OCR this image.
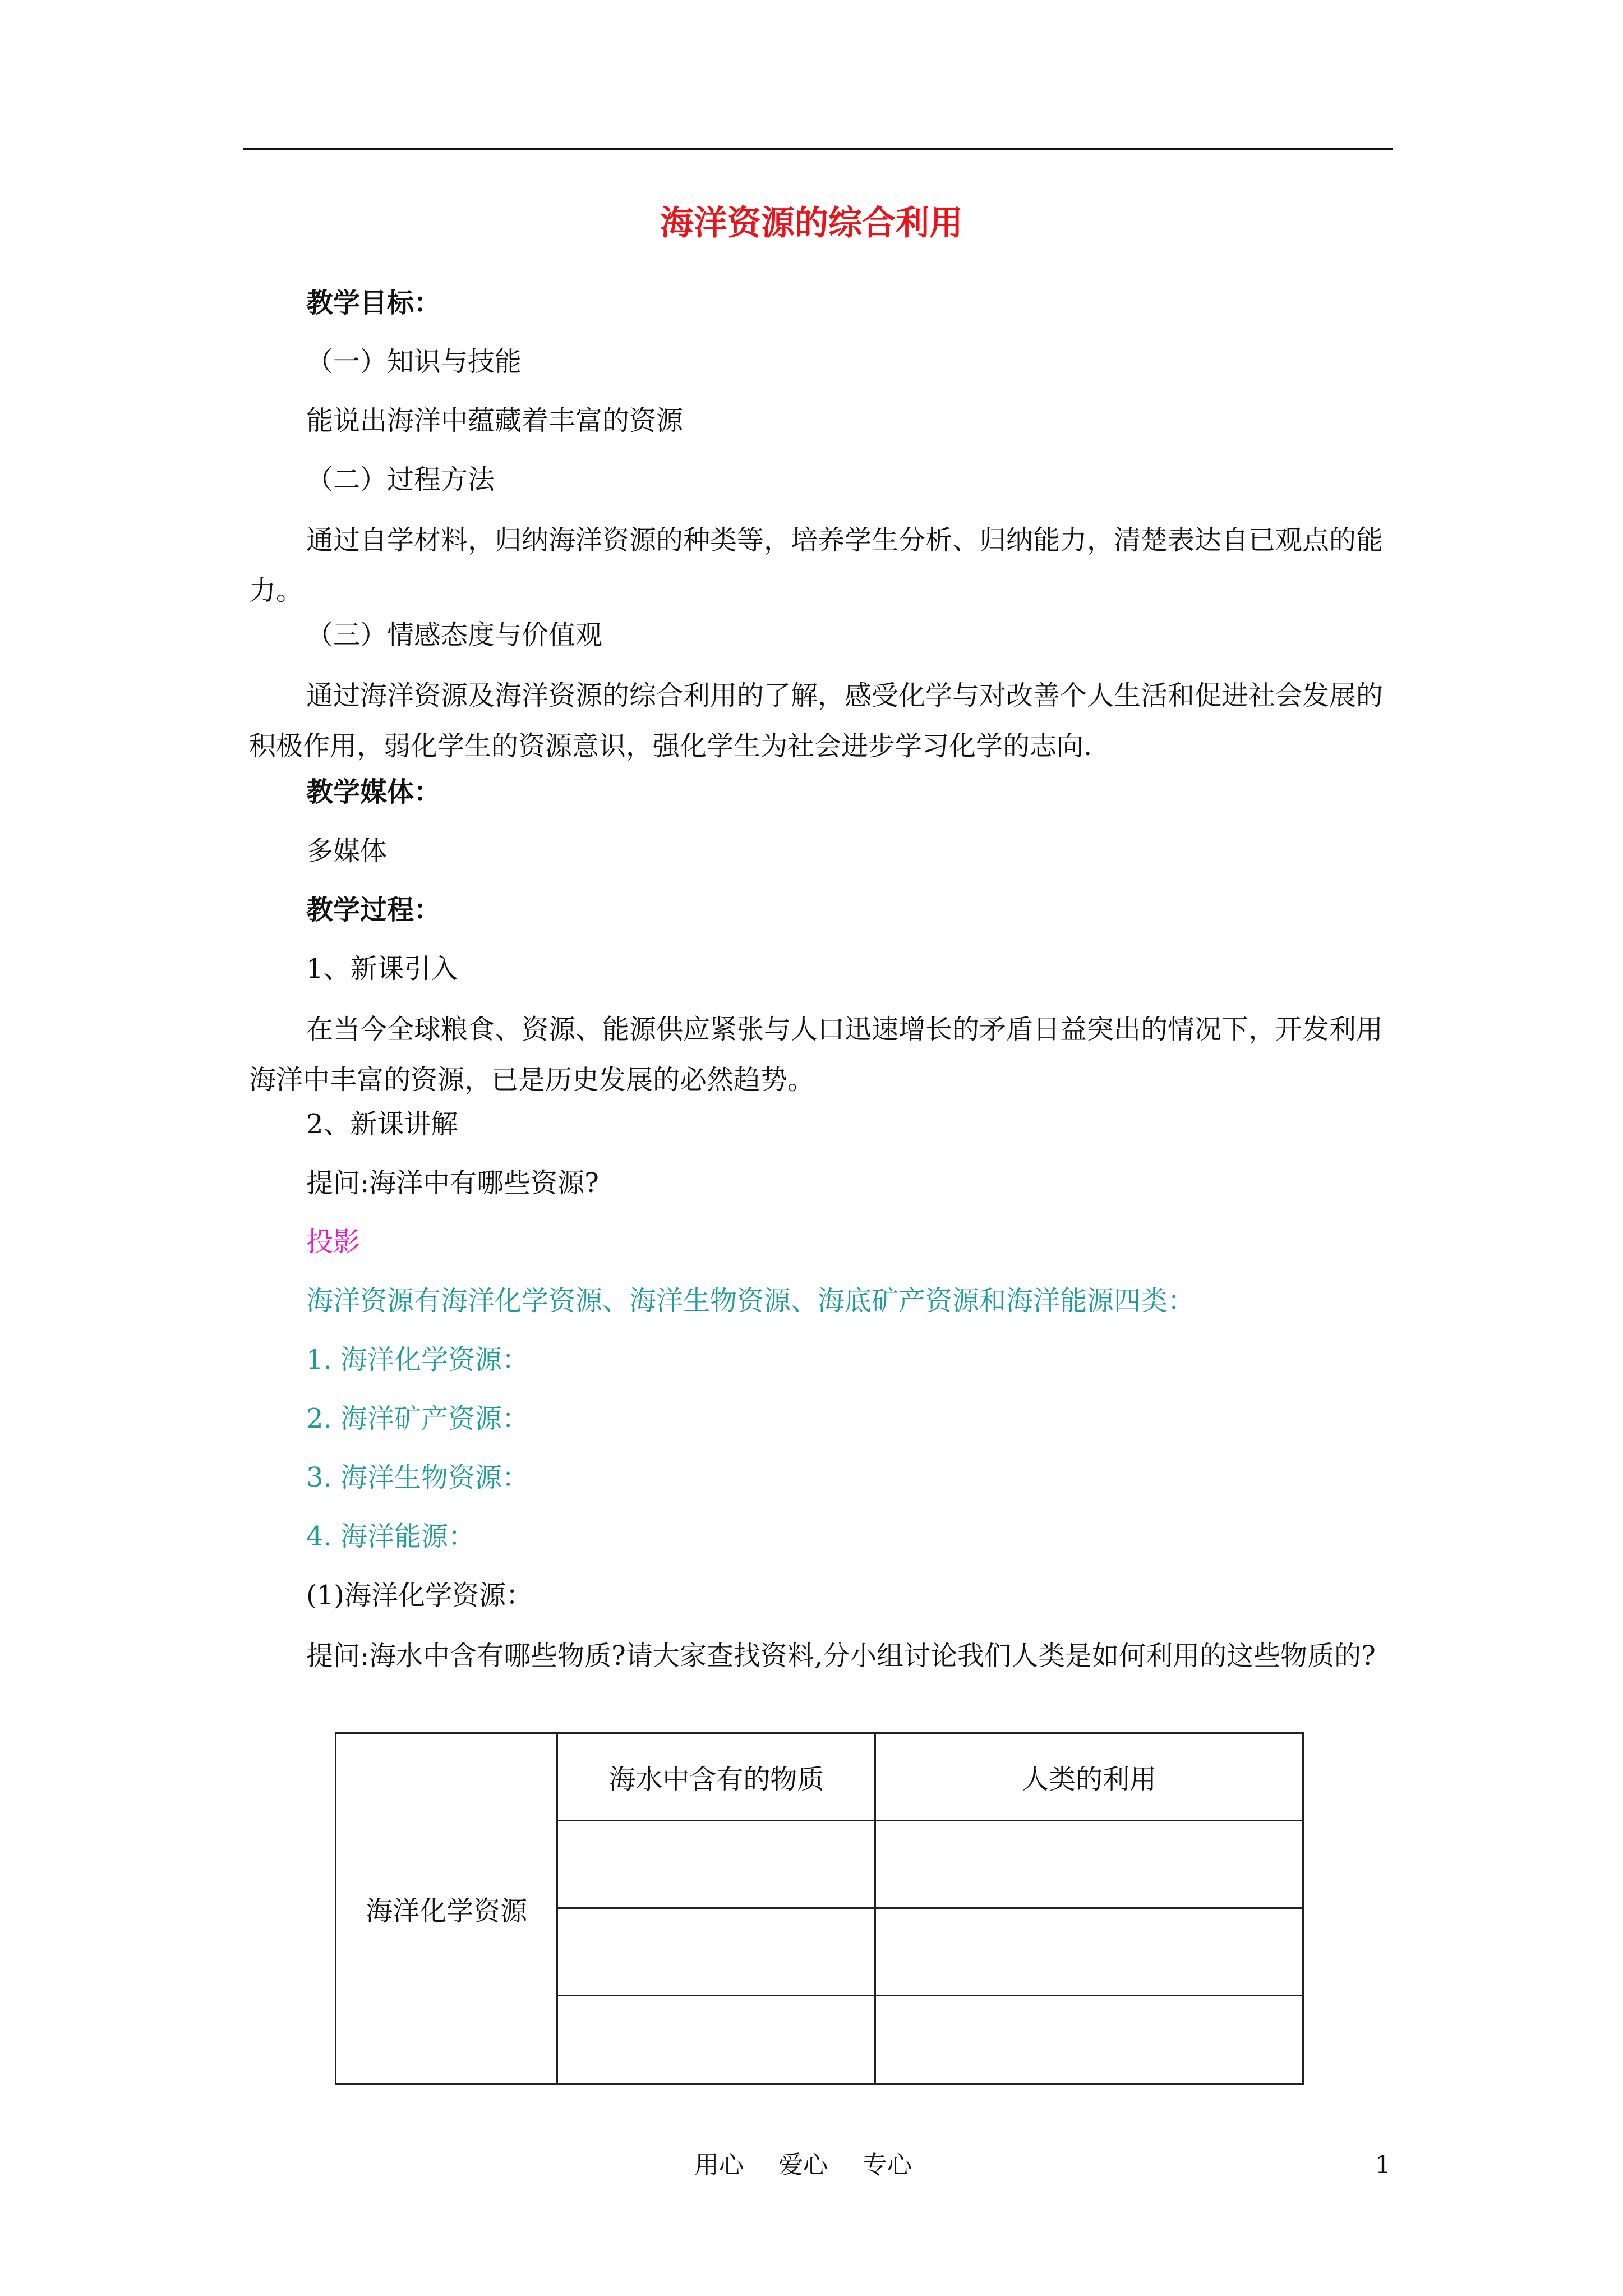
海洋资源的综合利用

教学目标：

（一）知识与技能

能说出海洋中蕴藏着丰富的资源

（二）过程方法

通过自学材料，归纳海洋资源的种类等，培养学生分析、归纳能力，清楚表达自已观点的能力。

（三）情感态度与价值观

通过海洋资源及海洋资源的综合利用的了解，感受化学与对改善个人生活和促进社会发展的积极作用，弱化学生的资源意识，强化学生为社会进步学习化学的志向.

教学媒体：

多媒体

教学过程：

1、新课引入

在当今全球粮食、资源、能源供应紧张与人口迅速增长的矛盾日益突出的情况下，开发利用海洋中丰富的资源，已是历史发展的必然趋势。

2、新课讲解

提问:海洋中有哪些资源?

投影

海洋资源有海洋化学资源、海洋生物资源、海底矿产资源和海洋能源四类：

1. 海洋化学资源：

2. 海洋矿产资源：

3. 海洋生物资源：

4. 海洋能源：

(1)海洋化学资源：

提问:海水中含有哪些物质?请大家查找资料,分小组讨论我们人类是如何利用的这些物质的?

海洋化学资源	海水中含有的物质	人类的利用

用心 爱心 专心	1
